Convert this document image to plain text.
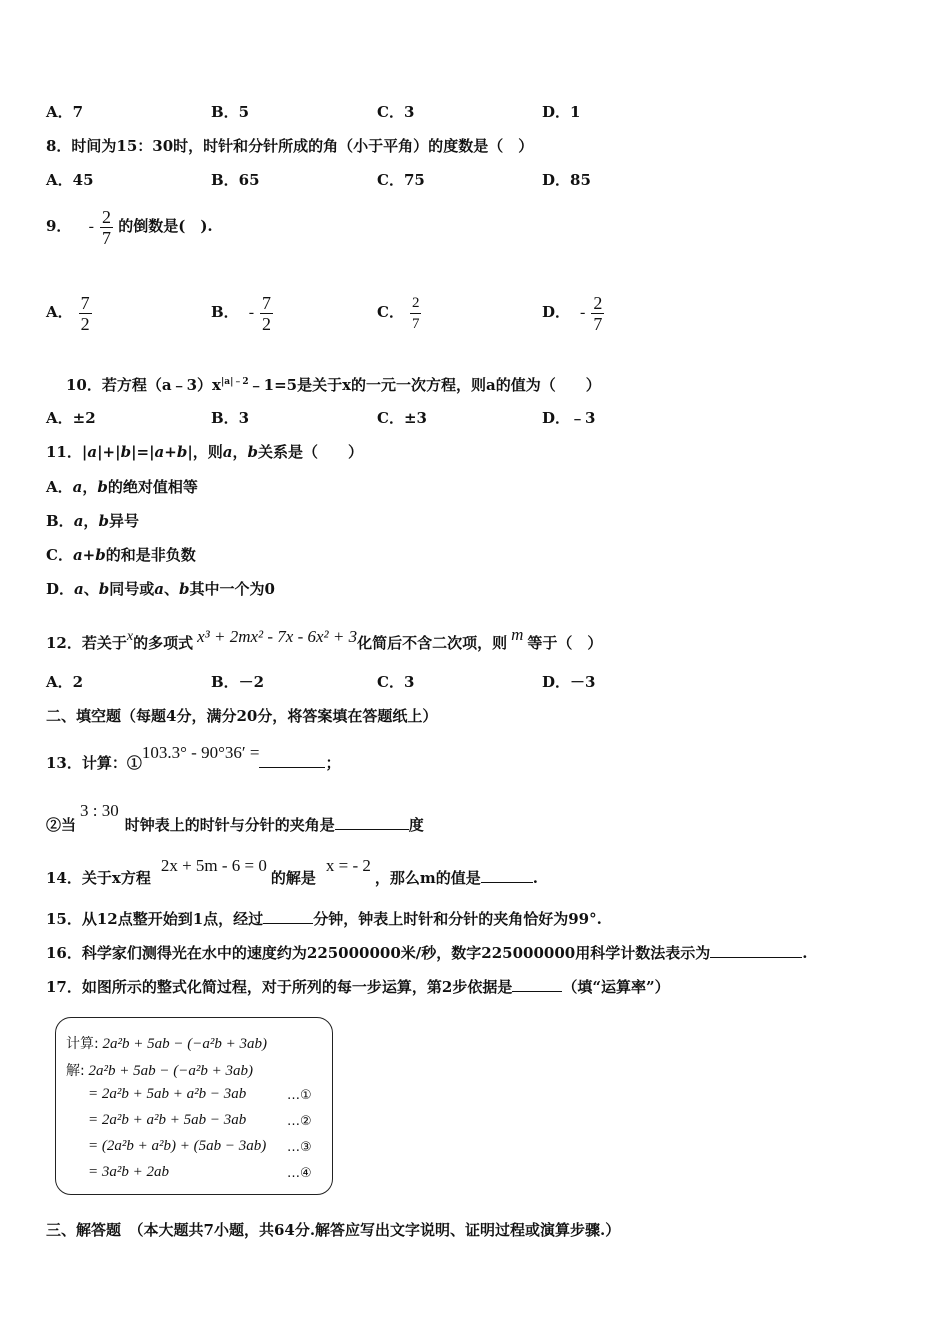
A．7	B．5	C．3	D．1
8．时间为15：30时，时针和分针所成的角（小于平角）的度数是（　）
A．45	B．65	C．75	D．85
9． - $\frac{2}{7}$ 的倒数是(　).
A． $\frac{7}{2}$	B． - $\frac{7}{2}$	C． $\frac{2}{7}$	D． - $\frac{2}{7}$
10．若方程$(a﹣3)x^{|a|﹣2}﹣1=5$是关于x的一元一次方程，则a的值为（　　）
A．±2	B．3	C．±3	D．﹣3
11．|a|+|b|=|a+b|，则a，b关系是（　　）
A．a，b的绝对值相等
B．a，b异号
C．a+b的和是非负数
D．a、b同号或a、b其中一个为0
12．若关于x的多项式 x³ + 2mx² - 7x - 6x² + 3化简后不含二次项，则 m 等于（　）
A．2	B．－2	C．3	D．－3
二、填空题（每题4分，满分20分，将答案填在答题纸上）
13．计算：①103.3° - 90°36′ =；
②当3 : 30时钟表上的时针与分针的夹角是	度
14．关于x方程2x + 5m - 6 = 0的解是x = - 2，那么m的值是	.
15．从12点整开始到1点，经过	分钟，钟表上时针和分针的夹角恰好为99°.
16．科学家们测得光在水中的速度约为225000000米/秒，数字225000000用科学计数法表示为	.
17．如图所示的整式化简过程，对于所列的每一步运算，第2步依据是	（填“运算率”）
计算: 2a²b + 5ab − (−a²b + 3ab)
解: 2a²b + 5ab − (−a²b + 3ab)
= 2a²b + 5ab + a²b − 3ab	…①
= 2a²b + a²b + 5ab − 3ab	…②
= (2a²b + a²b) + (5ab − 3ab) …③
= 3a²b + 2ab	…④
三、解答题　（本大题共7小题，共64分.解答应写出文字说明、证明过程或演算步骤.）
